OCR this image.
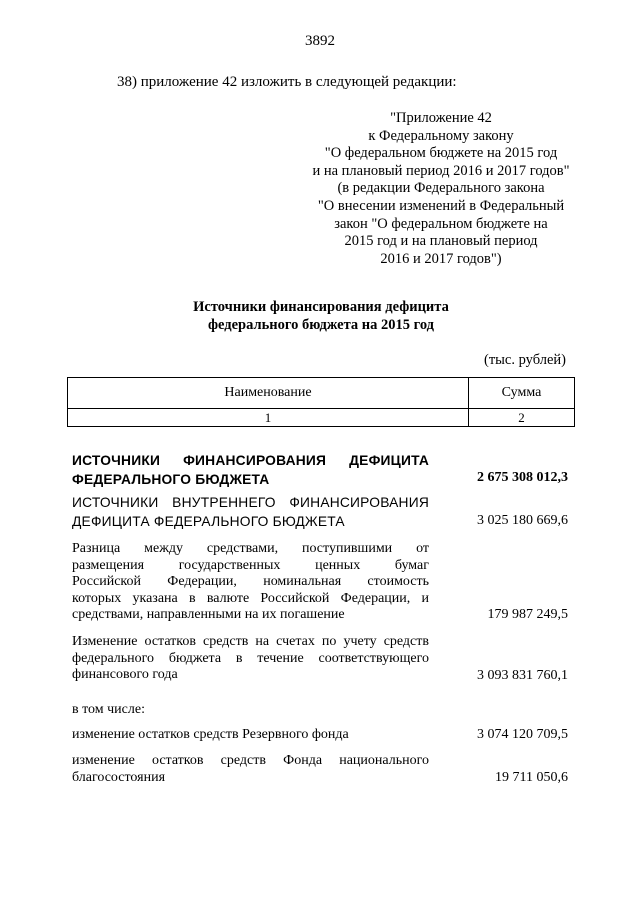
3892
38) приложение 42 изложить в следующей редакции:
"Приложение 42
к Федеральному закону
"О федеральном бюджете на 2015 год
и на плановый период 2016 и 2017 годов"
(в редакции Федерального закона
"О внесении изменений в Федеральный
закон "О федеральном бюджете на
2015 год и на плановый период
2016 и 2017 годов")
Источники финансирования дефицита
федерального бюджета на 2015 год
(тыс. рублей)
Наименование	Сумма
1	2
ИСТОЧНИКИ ФИНАНСИРОВАНИЯ ДЕФИЦИТА
ФЕДЕРАЛЬНОГО БЮДЖЕТА	2 675 308 012,3
ИСТОЧНИКИ ВНУТРЕННЕГО ФИНАНСИРОВАНИЯ
ДЕФИЦИТА ФЕДЕРАЛЬНОГО БЮДЖЕТА	3 025 180 669,6
Разница между средствами, поступившими от
размещения государственных ценных бумаг
Российской Федерации, номинальная стоимость
которых указана в валюте Российской Федерации, и
средствами, направленными на их погашение	179 987 249,5
Изменение остатков средств на счетах по учету средств
федерального бюджета в течение соответствующего
финансового года	3 093 831 760,1
в том числе:
изменение остатков средств Резервного фонда	3 074 120 709,5
изменение остатков средств Фонда национального
благосостояния	19 711 050,6
